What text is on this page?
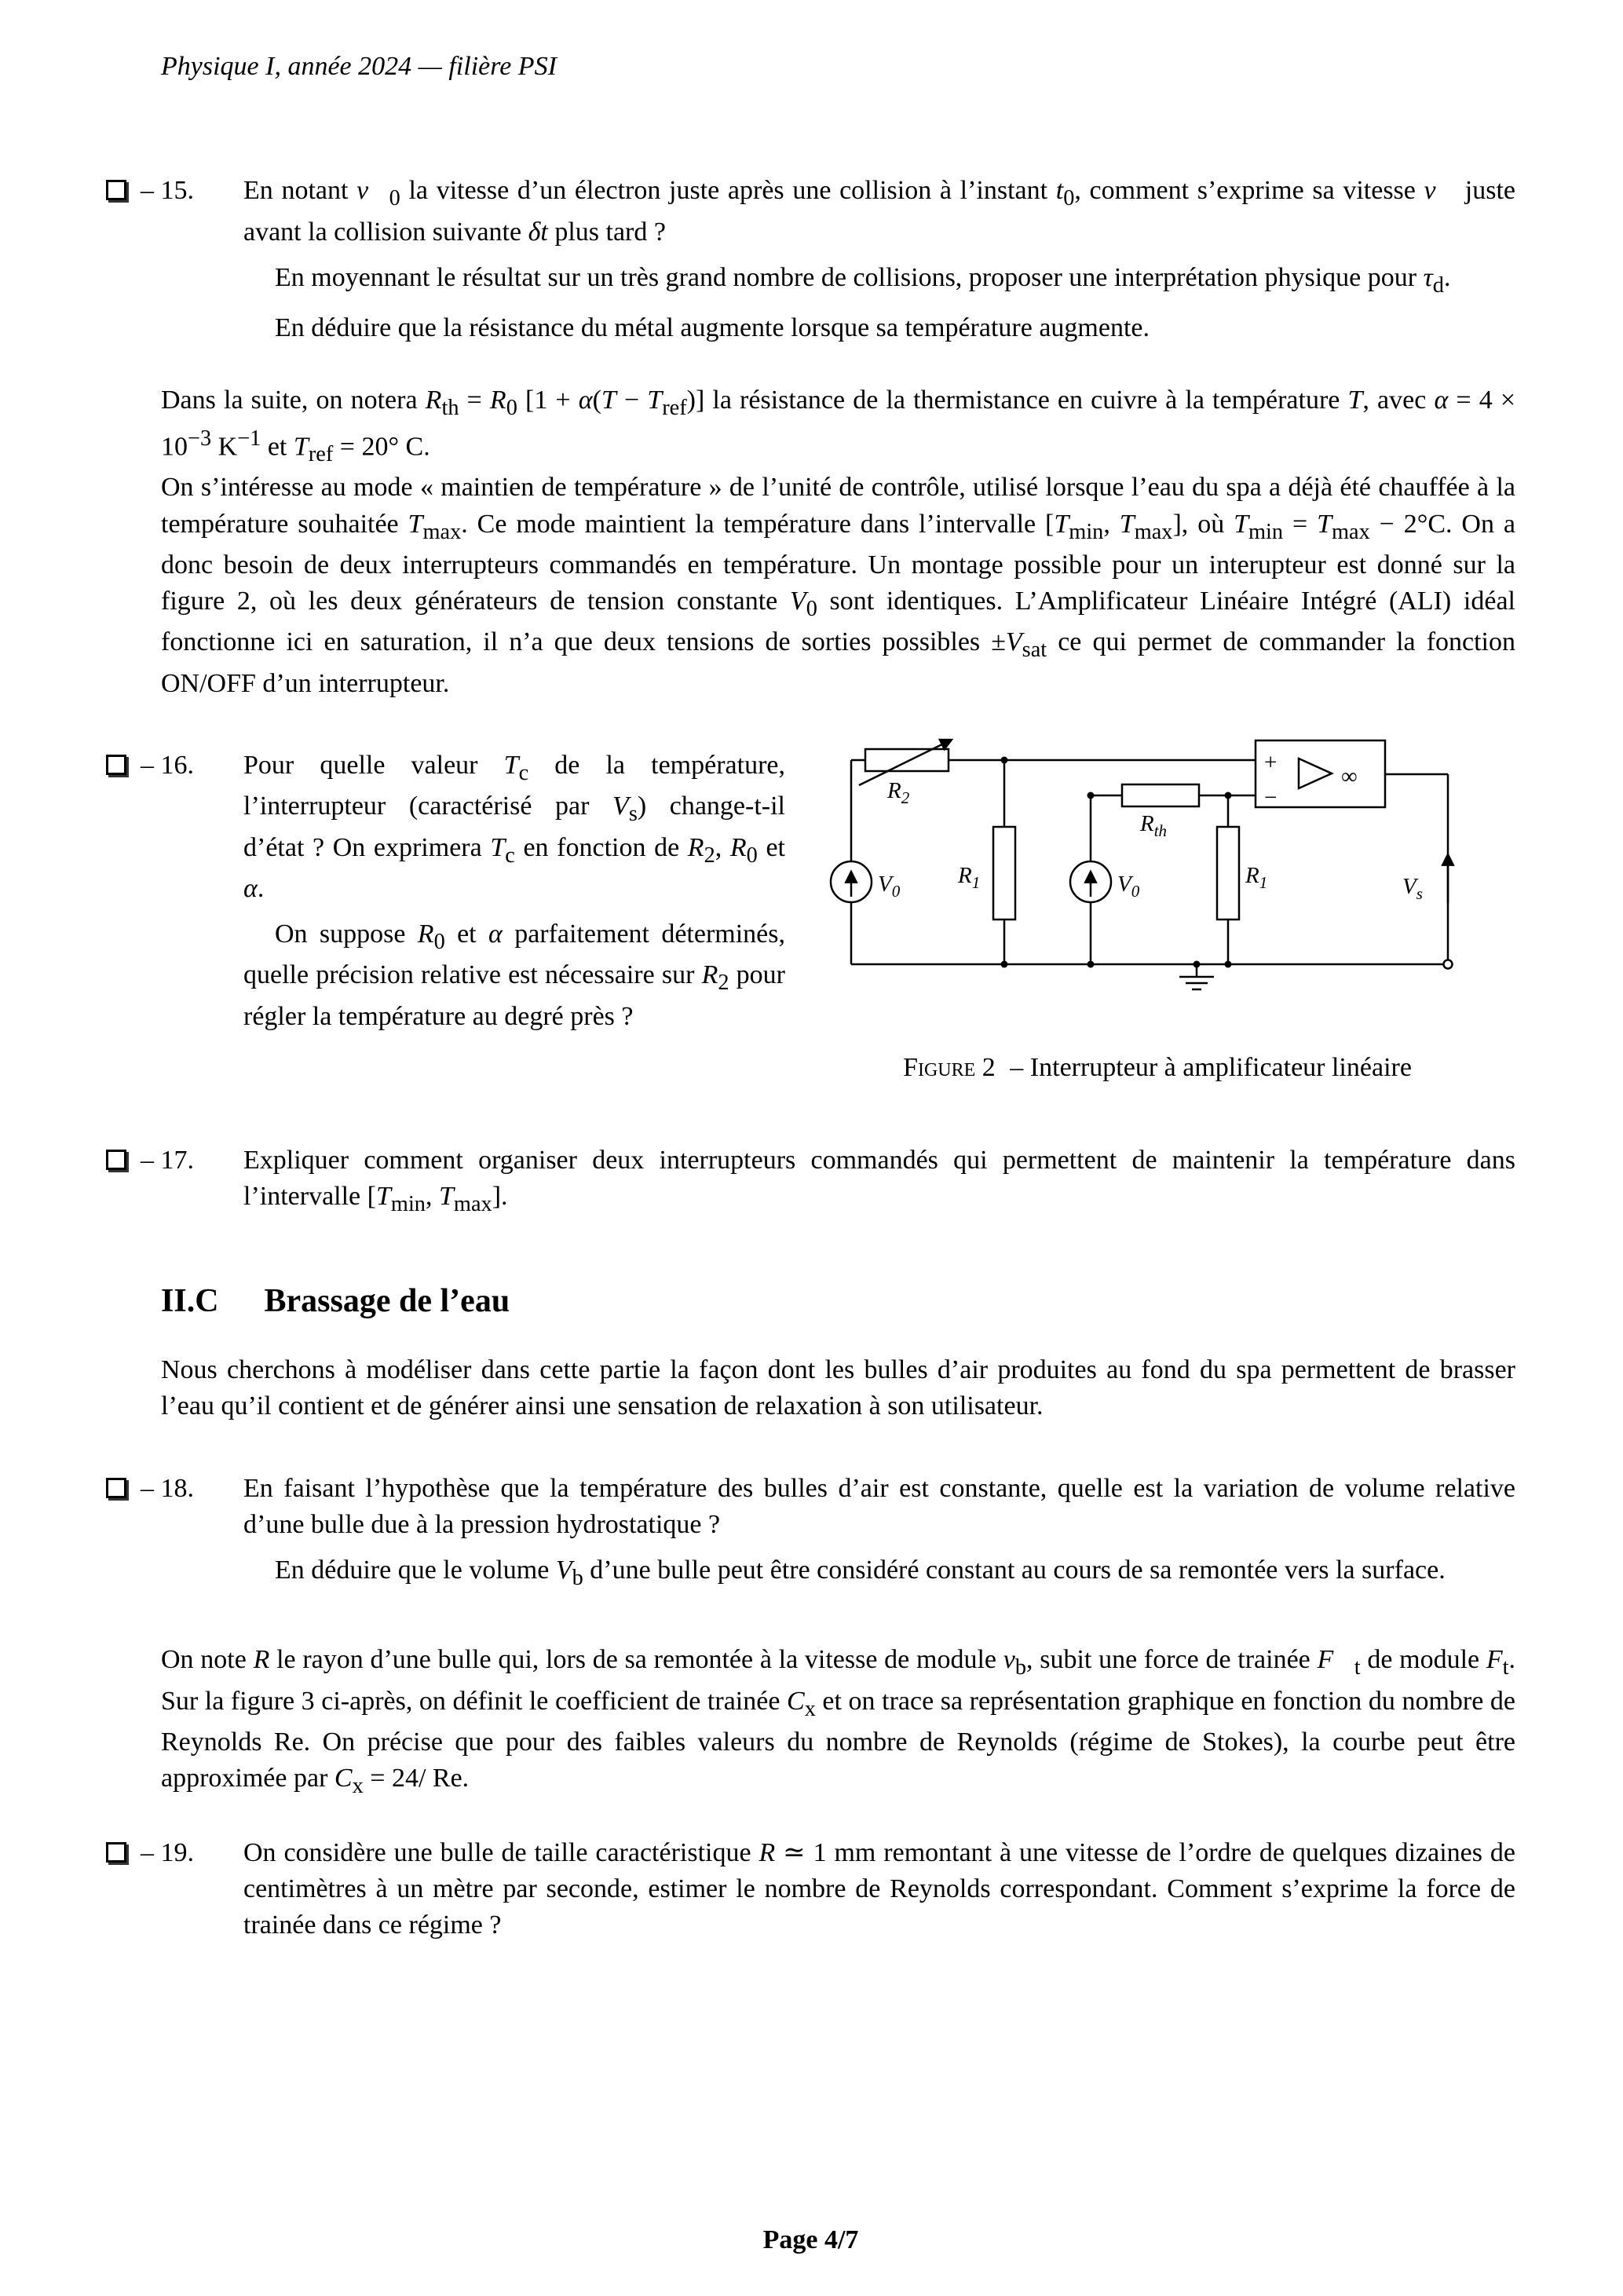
Physique I, année 2024 — filière PSI
– 15. En notant $v⃗_0$ la vitesse d’un électron juste après une collision à l’instant $t_0$, comment s’exprime sa vitesse v⃗ juste avant la collision suivante δt plus tard ?

En moyennant le résultat sur un très grand nombre de collisions, proposer une interprétation physique pour $\tau_d$.

En déduire que la résistance du métal augmente lorsque sa température augmente.

Dans la suite, on notera $R_{th} = R_0$ $[1 + \alpha(T - T_{ref})]$ la résistance de la thermistance en cuivre à la température T, avec $\alpha = 4 \times 10^{-3}$ $K^{-1}$ et $T_{ref} = 20^\circ$ C.

On s’intéresse au mode « maintien de température » de l’unité de contrôle, utilisé lorsque l’eau du spa a déjà été chauffée à la température souhaitée $T_{max}$. Ce mode maintient la température dans l’intervalle [$T_{min}$, $T_{max}$], où $T_{min} = T_{max} - 2^\circ C$. On a donc besoin de deux interrupteurs commandés en température. Un montage possible pour un interupteur est donné sur la figure 2, où les deux générateurs de tension constante $V_0$ sont identiques. L’Amplificateur Linéaire Intégré (ALI) idéal fonctionne ici en saturation, il n’a que deux tensions de sorties possibles $\pm V_{sat}$ ce qui permet de commander la fonction ON/OFF d’un interrupteur.

– 16. Pour quelle valeur $T_c$ de la température, l’interrupteur (caractérisé par $V_s$) change-t-il d’état ? On exprimera $T_c$ en fonction de $R_2$, $R_0$ et α.

On suppose $R_0$ et α parfaitement déterminés, quelle précision relative est nécessaire sur $R_2$ pour régler la température au degré près ?

+
−
∞
$R_2$
$V_0$
$R_1$	$V_0$
$R_{th}$
$R_1$	$V_s$
Figure 2 – Interrupteur à amplificateur linéaire
– 17. Expliquer comment organiser deux interrupteurs commandés qui permettent de maintenir la température dans l’intervalle [$T_{min}$, $T_{max}$].

II.C Brassage de l’eau

Nous cherchons à modéliser dans cette partie la façon dont les bulles d’air produites au fond du spa permettent de brasser l’eau qu’il contient et de générer ainsi une sensation de relaxation à son utilisateur.

– 18. En faisant l’hypothèse que la température des bulles d’air est constante, quelle est la variation de volume relative d’une bulle due à la pression hydrostatique ?

En déduire que le volume $V_b$ d’une bulle peut être considéré constant au cours de sa remontée vers la surface.

On note R le rayon d’une bulle qui, lors de sa remontée à la vitesse de module $v_b$, subit une force de trainée $F⃗_t$ de module $F_t$. Sur la figure 3 ci-après, on définit le coefficient de trainée $C_x$ et on trace sa représentation graphique en fonction du nombre de Reynolds Re. On précise que pour des faibles valeurs du nombre de Reynolds (régime de Stokes), la courbe peut être approximée par $C_x = 24/$ Re.

– 19. On considère une bulle de taille caractéristique R ≃ 1 mm remontant à une vitesse de l’ordre de quelques dizaines de centimètres à un mètre par seconde, estimer le nombre de Reynolds correspondant. Comment s’exprime la force de trainée dans ce régime ?

Page 4/7
